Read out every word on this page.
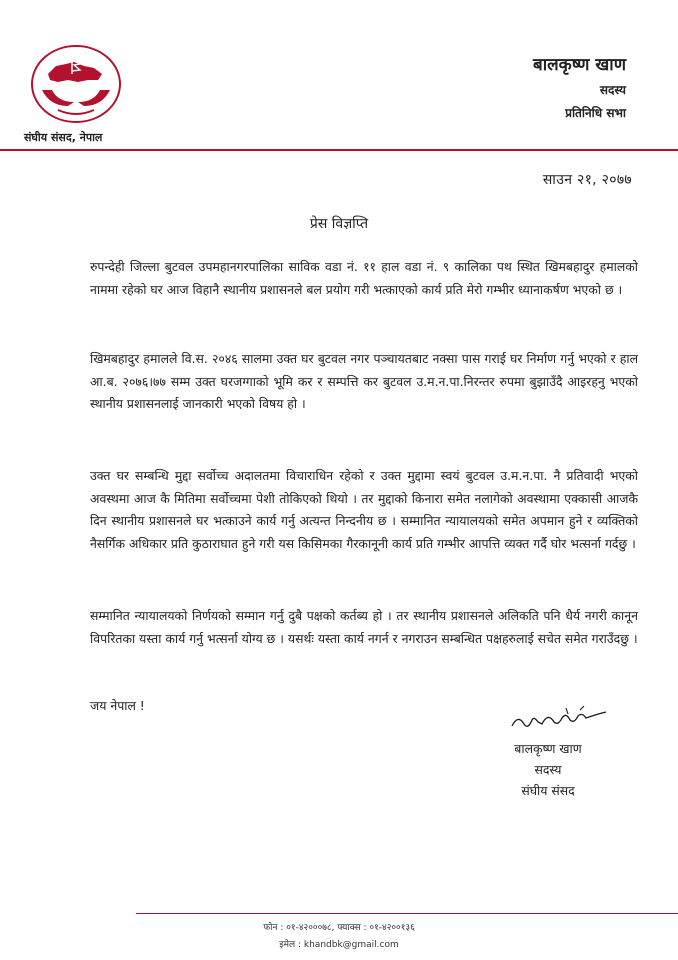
संघीय संसद, नेपाल
बालकृष्ण खाण
सदस्य
प्रतिनिधि सभा
साउन २१, २०७७
प्रेस विज्ञप्ति
रुपन्देही जिल्ला बुटवल उपमहानगरपालिका साविक वडा नं. ११ हाल वडा नं. ९ कालिका पथ स्थित खिमबहादुर हमालको नाममा रहेको घर आज विहानै स्थानीय प्रशासनले बल प्रयोग गरी भत्काएको कार्य प्रति मेरो गम्भीर ध्यानाकर्षण भएको छ ।
खिमबहादुर हमालले वि.स. २०४६ सालमा उक्त घर बुटवल नगर पञ्चायतबाट नक्सा पास गराई घर निर्माण गर्नु भएको र हाल आ.ब. २०७६।७७ सम्म उक्त घरजग्गाको भूमि कर र सम्पत्ति कर बुटवल उ.म.न.पा.निरन्तर रुपमा बुझाउँदै आइरहनु भएको स्थानीय प्रशासनलाई जानकारी भएको विषय हो ।
उक्त घर सम्बन्धि मुद्दा सर्वोच्च अदालतमा विचाराधिन रहेको र उक्त मुद्दामा स्वयं बुटवल उ.म.न.पा. नै प्रतिवादी भएको अवस्थमा आज कै मितिमा सर्वोच्चमा पेशी तोकिएको थियो । तर मुद्दाको किनारा समेत नलागेको अवस्थामा एक्कासी आजकै दिन स्थानीय प्रशासनले घर भत्काउने कार्य गर्नु अत्यन्त निन्दनीय छ । सम्मानित न्यायालयको समेत अपमान हुने र व्यक्तिको नैसर्गिक अधिकार प्रति कुठाराघात हुने गरी यस किसिमका गैरकानूनी कार्य प्रति गम्भीर आपत्ति व्यक्त गर्दै घोर भत्सर्ना गर्दछु ।
सम्मानित न्यायालयको निर्णयको सम्मान गर्नु दुबै पक्षको कर्तब्य हो । तर स्थानीय प्रशासनले अलिकति पनि धैर्य नगरी कानून विपरितका यस्ता कार्य गर्नु भत्सर्ना योग्य छ । यसर्थः यस्ता कार्य नगर्न र नगराउन सम्बन्धित पक्षहरुलाई सचेत समेत गराउँदछु ।
जय नेपाल !
बालकृष्ण खाण
सदस्य
संघीय संसद
फोन : ०१-४२०००७८, फ्याक्स : ०१-४२००१३६
इमेल : khandbk@gmail.com
